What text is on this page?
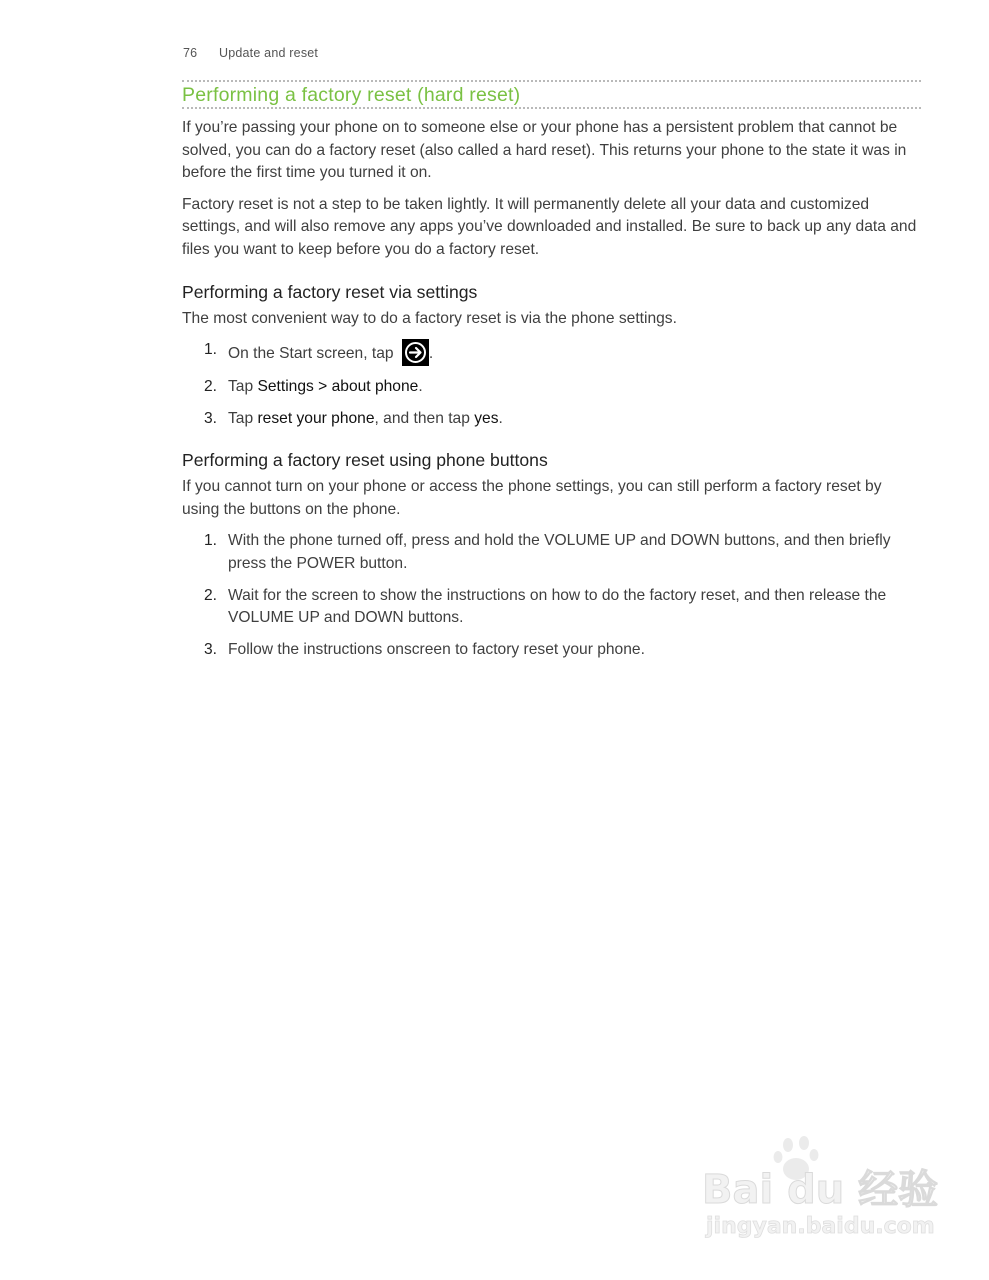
76 Update and reset
Performing a factory reset (hard reset)

If you’re passing your phone on to someone else or your phone has a persistent problem that cannot be solved, you can do a factory reset (also called a hard reset). This returns your phone to the state it was in before the first time you turned it on.

Factory reset is not a step to be taken lightly. It will permanently delete all your data and customized settings, and will also remove any apps you’ve downloaded and installed. Be sure to back up any data and files you want to keep before you do a factory reset.

Performing a factory reset via settings

The most convenient way to do a factory reset is via the phone settings.

1. On the Start screen, tap .
2. Tap Settings > about phone.
3. Tap reset your phone, and then tap yes.
Performing a factory reset using phone buttons

If you cannot turn on your phone or access the phone settings, you can still perform a factory reset by using the buttons on the phone.

1. With the phone turned off, press and hold the VOLUME UP and DOWN buttons, and then briefly press the POWER button.
2. Wait for the screen to show the instructions on how to do the factory reset, and then release the VOLUME UP and DOWN buttons.
3. Follow the instructions onscreen to factory reset your phone.
Bai du 经验
jingyan.baidu.com
